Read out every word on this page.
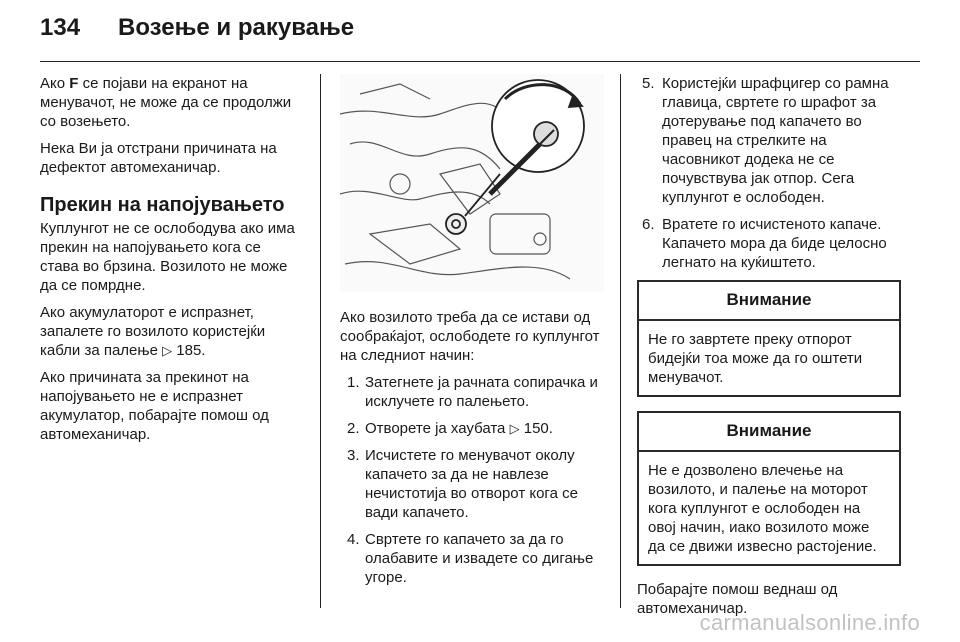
134	Возење и ракување

Ако F се појави на екранот на менувачот, не може да се продолжи со возењето.

Нека Ви ја отстрани причината на дефектот автомеханичар.

Прекин на напојувањето

Куплунгот не се ослободува ако има прекин на напојувањето кога се става во брзина. Возилото не може да се помрдне.

Ако акумулаторот е испразнет, запалете го возилото користејќи кабли за палење ▷ 185.

Ако причината за прекинот на напојувањето не е испразнет акумулатор, побарајте помош од автомеханичар.

Ако возилото треба да се истави од сообраќајот, ослободете го куплунгот на следниот начин:

1. Затегнете ја рачната сопирачка и исклучете го палењето.
2. Отворете ја хаубата ▷ 150.
3. Исчистете го менувачот околу капачето за да не навлезе нечистотија во отворот кога се вади капачето.
4. Свртете го капачето за да го олабавите и извадете со дигање угоре.
5. Користејќи шрафцигер со рамна главица, свртете го шрафот за дотерување под капачето во правец на стрелките на часовникот додека не се почувствува јак отпор. Сега куплунгот е ослободен.
6. Вратете го исчистеното капаче. Капачето мора да биде целосно легнато на куќиштето.
Внимание
Не го завртете преку отпорот бидејќи тоа може да го оштети менувачот.
Внимание
Не е дозволено влечење на возилото, и палење на моторот кога куплунгот е ослободен на овој начин, иако возилото може да се движи извесно растојение.

Побарајте помош веднаш од автомеханичар.

carmanualsonline.info
